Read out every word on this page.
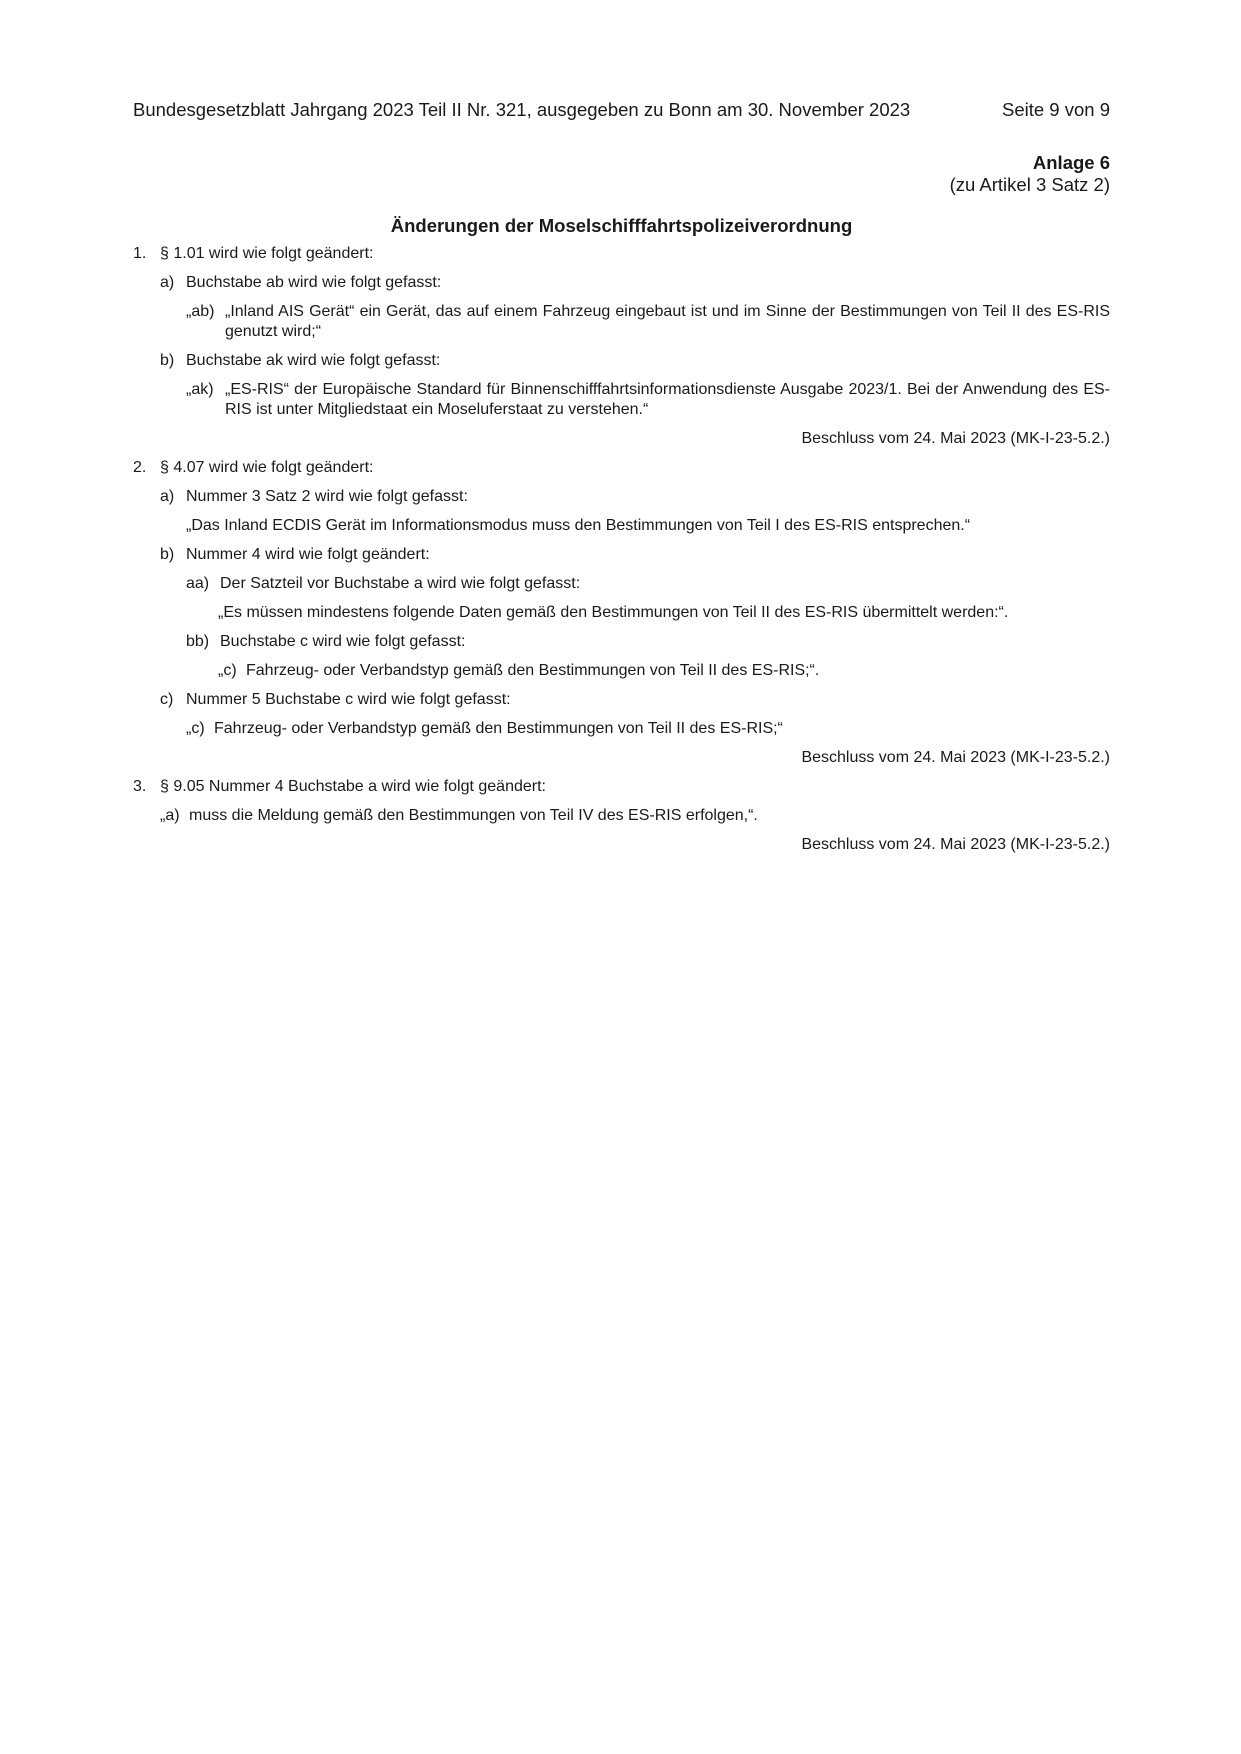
Bundesgesetzblatt Jahrgang 2023 Teil II Nr. 321, ausgegeben zu Bonn am 30. November 2023	Seite 9 von 9
Anlage 6
(zu Artikel 3 Satz 2)
Änderungen der Moselschifffahrtspolizeiverordnung
1. § 1.01 wird wie folgt geändert:
a) Buchstabe ab wird wie folgt gefasst:
„ab) „Inland AIS Gerät“ ein Gerät, das auf einem Fahrzeug eingebaut ist und im Sinne der Bestimmungen von Teil II des ES-RIS genutzt wird;“
b) Buchstabe ak wird wie folgt gefasst:
„ak) „ES-RIS“ der Europäische Standard für Binnenschifffahrtsinformationsdienste Ausgabe 2023/1. Bei der Anwendung des ES-RIS ist unter Mitgliedstaat ein Moseluferstaat zu verstehen.“
Beschluss vom 24. Mai 2023 (MK-I-23-5.2.)
2. § 4.07 wird wie folgt geändert:
a) Nummer 3 Satz 2 wird wie folgt gefasst:
„Das Inland ECDIS Gerät im Informationsmodus muss den Bestimmungen von Teil I des ES-RIS entsprechen.“
b) Nummer 4 wird wie folgt geändert:
aa) Der Satzteil vor Buchstabe a wird wie folgt gefasst:
„Es müssen mindestens folgende Daten gemäß den Bestimmungen von Teil II des ES-RIS übermittelt werden:“.
bb) Buchstabe c wird wie folgt gefasst:
„c) Fahrzeug- oder Verbandstyp gemäß den Bestimmungen von Teil II des ES-RIS;“.
c) Nummer 5 Buchstabe c wird wie folgt gefasst:
„c) Fahrzeug- oder Verbandstyp gemäß den Bestimmungen von Teil II des ES-RIS;“
Beschluss vom 24. Mai 2023 (MK-I-23-5.2.)
3. § 9.05 Nummer 4 Buchstabe a wird wie folgt geändert:
„a) muss die Meldung gemäß den Bestimmungen von Teil IV des ES-RIS erfolgen,“.
Beschluss vom 24. Mai 2023 (MK-I-23-5.2.)
